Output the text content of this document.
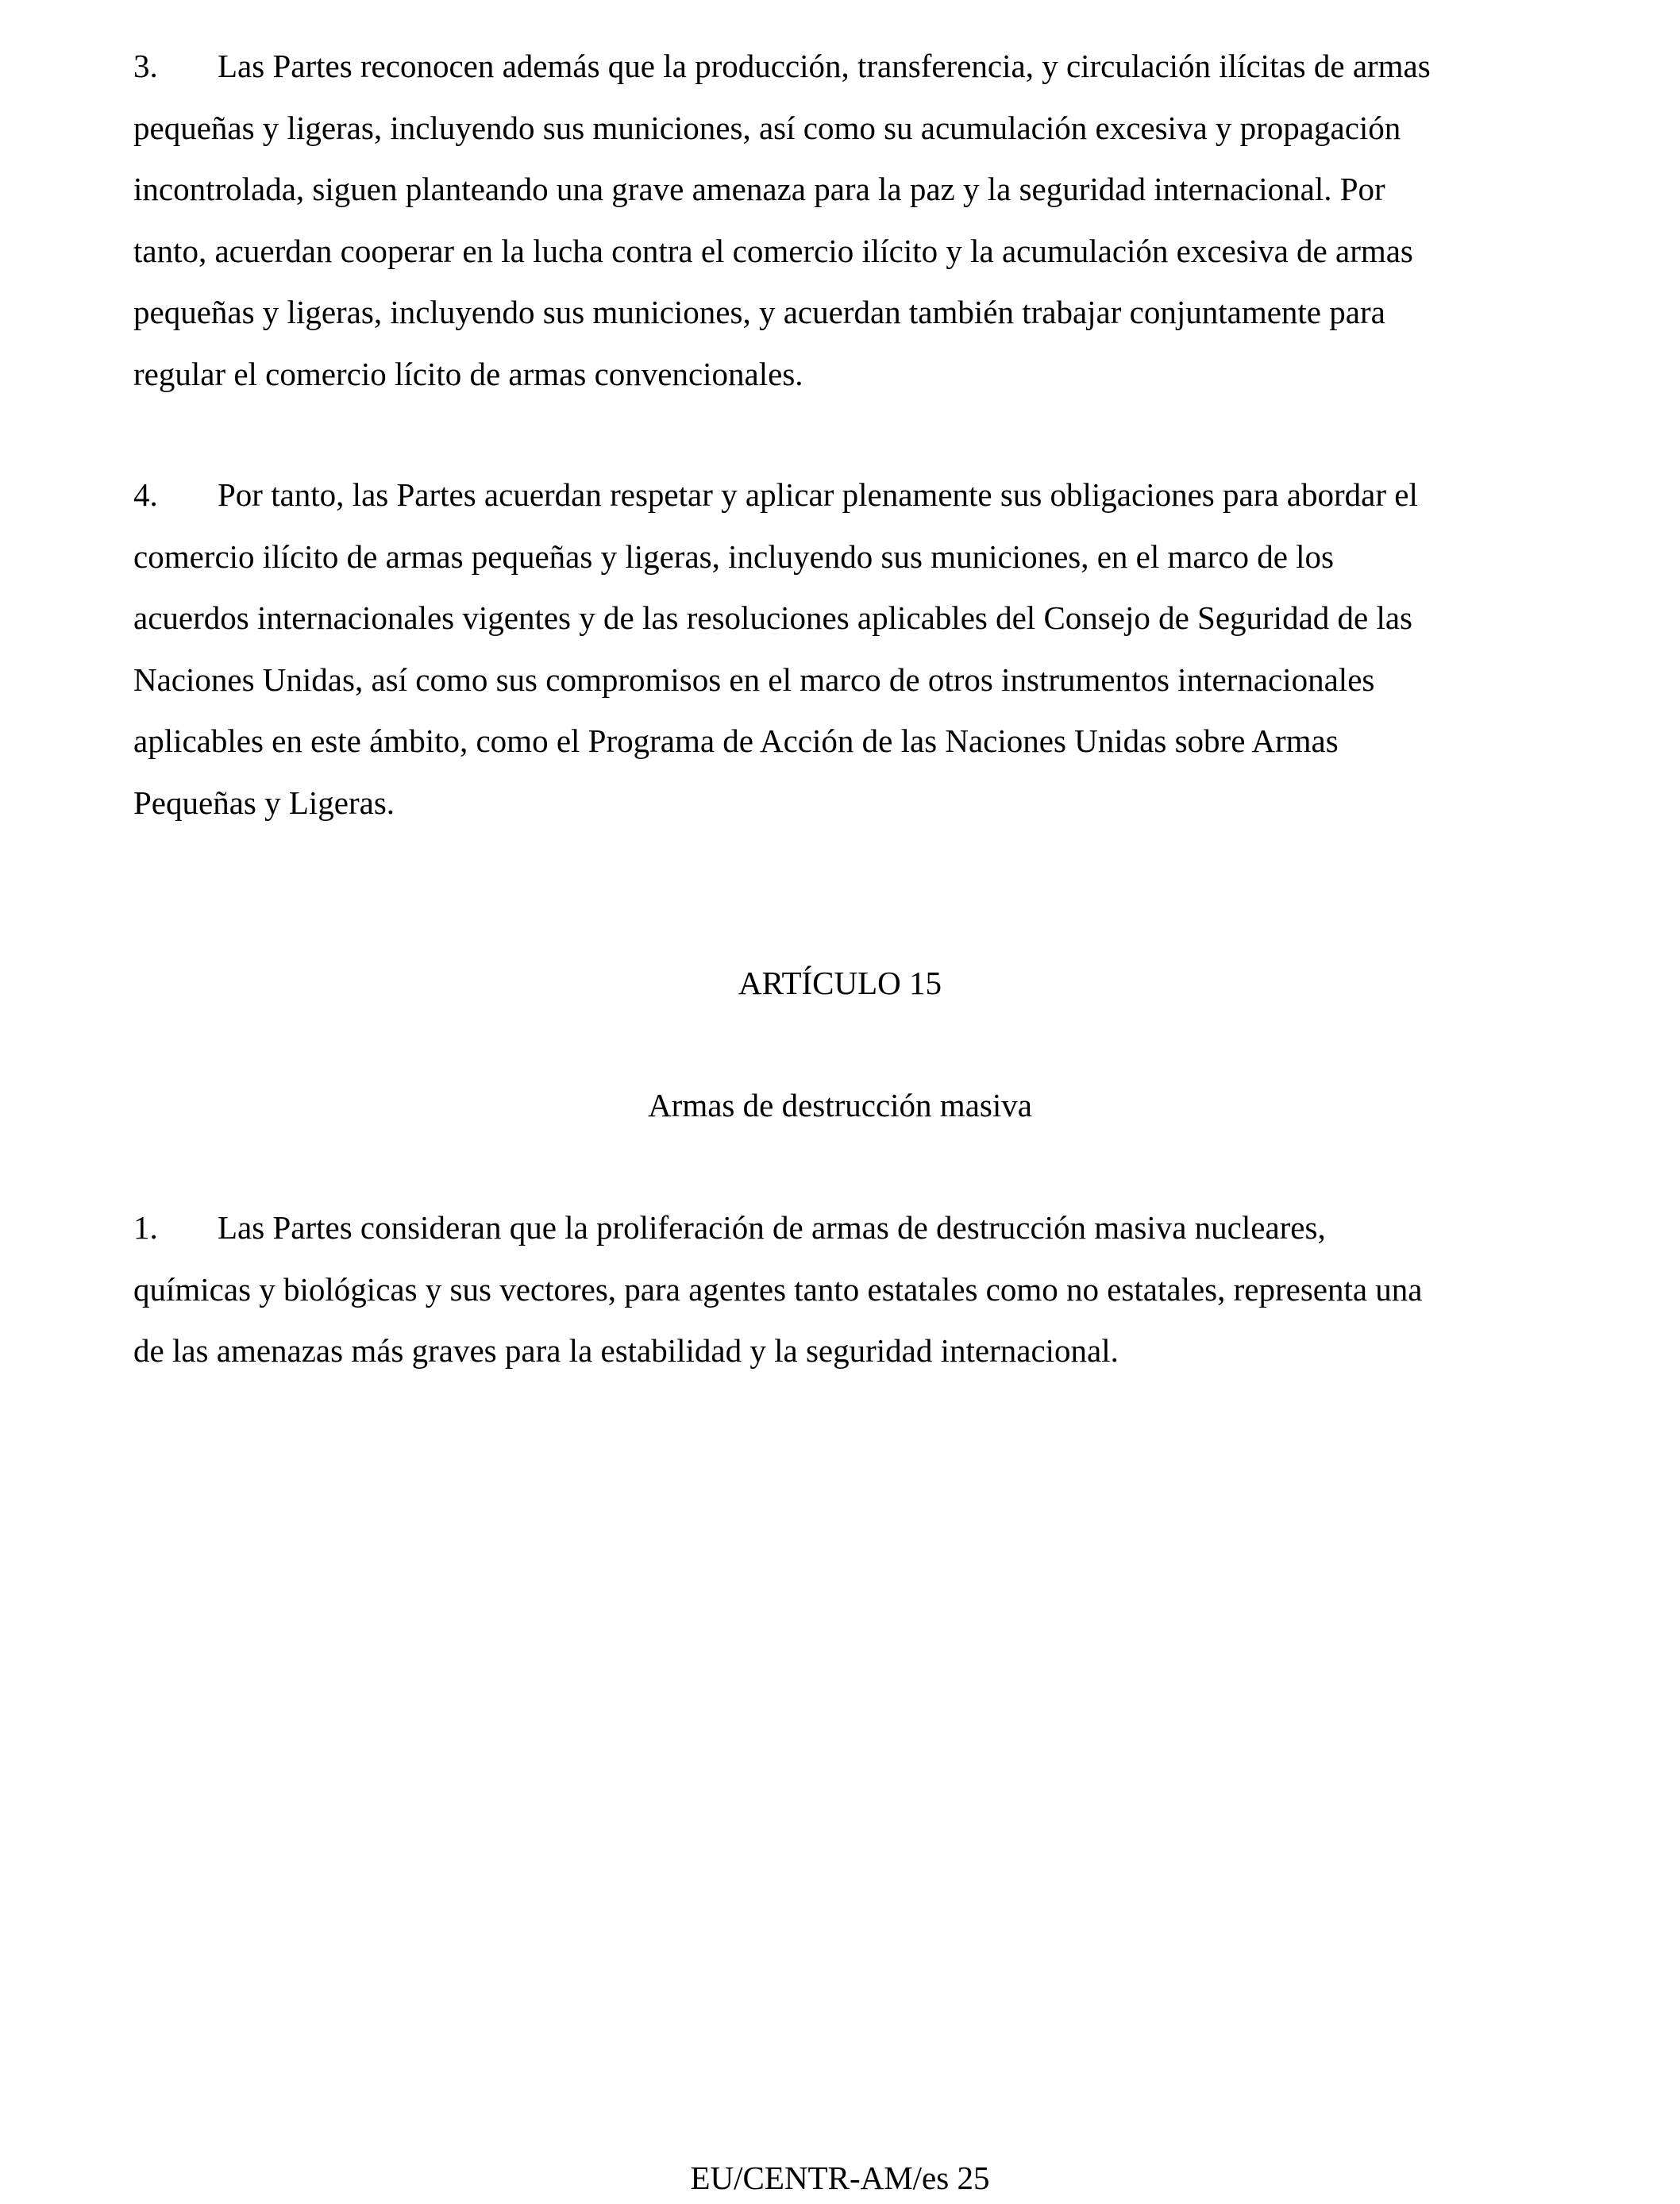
3. Las Partes reconocen además que la producción, transferencia, y circulación ilícitas de armas
pequeñas y ligeras, incluyendo sus municiones, así como su acumulación excesiva y propagación
incontrolada, siguen planteando una grave amenaza para la paz y la seguridad internacional. Por
tanto, acuerdan cooperar en la lucha contra el comercio ilícito y la acumulación excesiva de armas
pequeñas y ligeras, incluyendo sus municiones, y acuerdan también trabajar conjuntamente para
regular el comercio lícito de armas convencionales.
4. Por tanto, las Partes acuerdan respetar y aplicar plenamente sus obligaciones para abordar el
comercio ilícito de armas pequeñas y ligeras, incluyendo sus municiones, en el marco de los
acuerdos internacionales vigentes y de las resoluciones aplicables del Consejo de Seguridad de las
Naciones Unidas, así como sus compromisos en el marco de otros instrumentos internacionales
aplicables en este ámbito, como el Programa de Acción de las Naciones Unidas sobre Armas
Pequeñas y Ligeras.
ARTÍCULO 15
Armas de destrucción masiva
1. Las Partes consideran que la proliferación de armas de destrucción masiva nucleares,
químicas y biológicas y sus vectores, para agentes tanto estatales como no estatales, representa una
de las amenazas más graves para la estabilidad y la seguridad internacional.
EU/CENTR-AM/es 25
